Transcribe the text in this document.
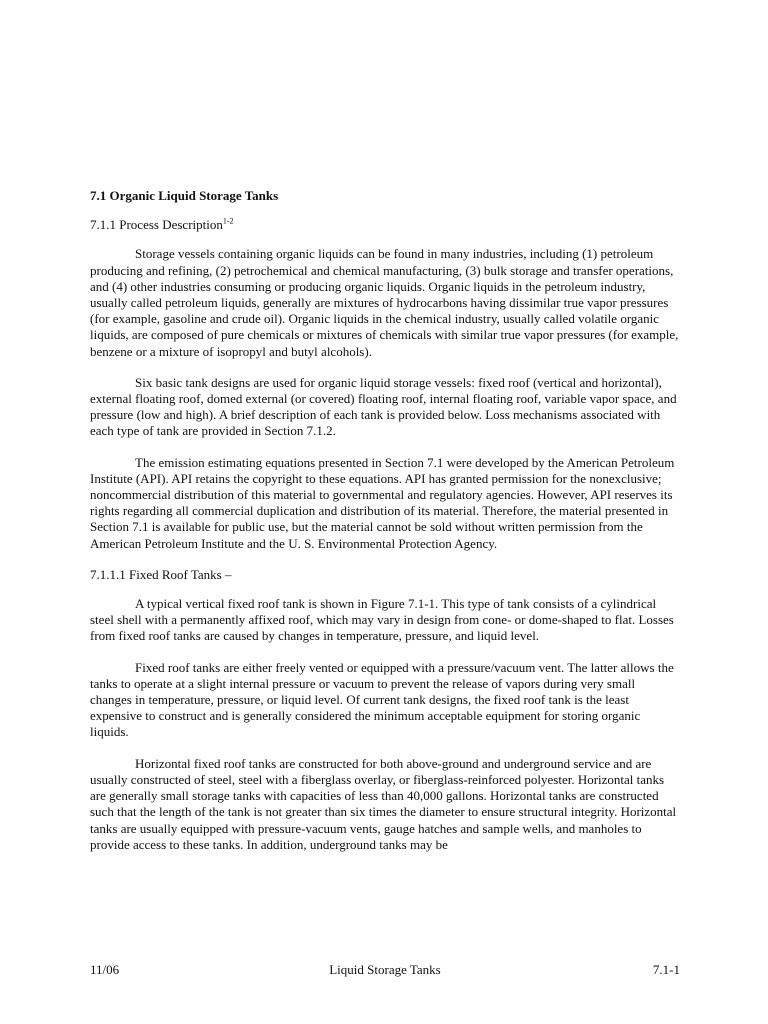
7.1 Organic Liquid Storage Tanks
7.1.1 Process Description$^{1-2}$

Storage vessels containing organic liquids can be found in many industries, including (1) petroleum producing and refining, (2) petrochemical and chemical manufacturing, (3) bulk storage and transfer operations, and (4) other industries consuming or producing organic liquids. Organic liquids in the petroleum industry, usually called petroleum liquids, generally are mixtures of hydrocarbons having dissimilar true vapor pressures (for example, gasoline and crude oil). Organic liquids in the chemical industry, usually called volatile organic liquids, are composed of pure chemicals or mixtures of chemicals with similar true vapor pressures (for example, benzene or a mixture of isopropyl and butyl alcohols).

Six basic tank designs are used for organic liquid storage vessels: fixed roof (vertical and horizontal), external floating roof, domed external (or covered) floating roof, internal floating roof, variable vapor space, and pressure (low and high). A brief description of each tank is provided below. Loss mechanisms associated with each type of tank are provided in Section 7.1.2.

The emission estimating equations presented in Section 7.1 were developed by the American Petroleum Institute (API). API retains the copyright to these equations. API has granted permission for the nonexclusive; noncommercial distribution of this material to governmental and regulatory agencies. However, API reserves its rights regarding all commercial duplication and distribution of its material. Therefore, the material presented in Section 7.1 is available for public use, but the material cannot be sold without written permission from the American Petroleum Institute and the U. S. Environmental Protection Agency.

7.1.1.1 Fixed Roof Tanks –

A typical vertical fixed roof tank is shown in Figure 7.1-1. This type of tank consists of a cylindrical steel shell with a permanently affixed roof, which may vary in design from cone- or dome-shaped to flat. Losses from fixed roof tanks are caused by changes in temperature, pressure, and liquid level.

Fixed roof tanks are either freely vented or equipped with a pressure/vacuum vent. The latter allows the tanks to operate at a slight internal pressure or vacuum to prevent the release of vapors during very small changes in temperature, pressure, or liquid level. Of current tank designs, the fixed roof tank is the least expensive to construct and is generally considered the minimum acceptable equipment for storing organic liquids.

Horizontal fixed roof tanks are constructed for both above-ground and underground service and are usually constructed of steel, steel with a fiberglass overlay, or fiberglass-reinforced polyester. Horizontal tanks are generally small storage tanks with capacities of less than 40,000 gallons. Horizontal tanks are constructed such that the length of the tank is not greater than six times the diameter to ensure structural integrity. Horizontal tanks are usually equipped with pressure-vacuum vents, gauge hatches and sample wells, and manholes to provide access to these tanks. In addition, underground tanks may be

11/06	Liquid Storage Tanks	7.1-1
